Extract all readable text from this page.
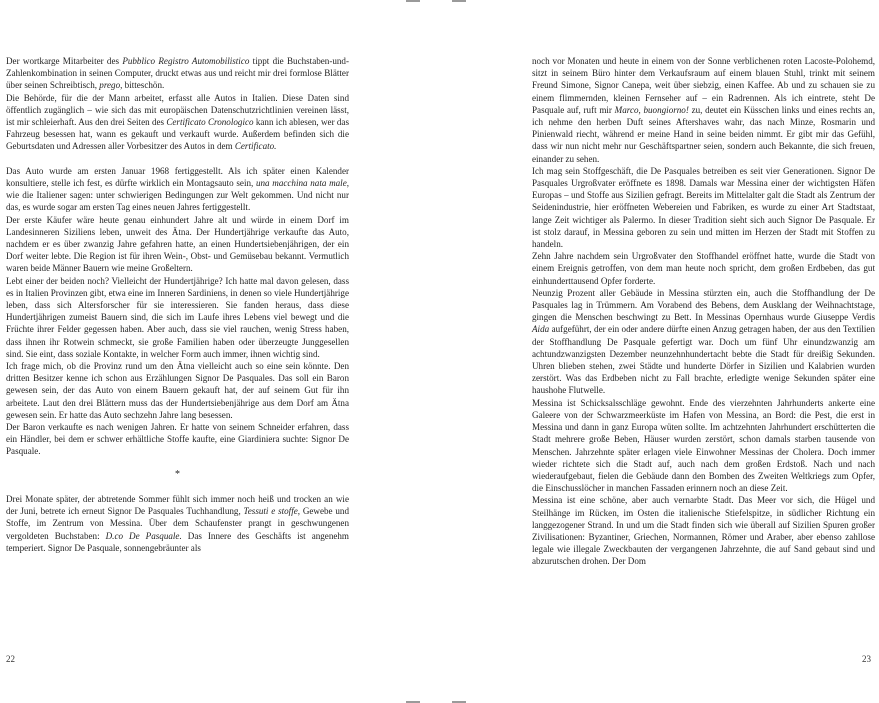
Der wortkarge Mitarbeiter des Pubblico Registro Automobilistico tippt die Buchstaben-und-Zahlenkombination in seinen Computer, druckt etwas aus und reicht mir drei formlose Blätter über seinen Schreibtisch, prego, bitteschön.

Die Behörde, für die der Mann arbeitet, erfasst alle Autos in Italien. Diese Daten sind öffentlich zugänglich – wie sich das mit europäischen Datenschutzrichtlinien vereinen lässt, ist mir schleierhaft. Aus den drei Seiten des Certificato Cronologico kann ich ablesen, wer das Fahrzeug besessen hat, wann es gekauft und verkauft wurde. Außerdem befinden sich die Geburtsdaten und Adressen aller Vorbesitzer des Autos in dem Certificato.

Das Auto wurde am ersten Januar 1968 fertiggestellt. Als ich später einen Kalender konsultiere, stelle ich fest, es dürfte wirklich ein Montagsauto sein, una macchina nata male, wie die Italiener sagen: unter schwierigen Bedingungen zur Welt gekommen. Und nicht nur das, es wurde sogar am ersten Tag eines neuen Jahres fertiggestellt.

Der erste Käufer wäre heute genau einhundert Jahre alt und würde in einem Dorf im Landesinneren Siziliens leben, unweit des Ätna. Der Hundertjährige verkaufte das Auto, nachdem er es über zwanzig Jahre gefahren hatte, an einen Hundertsiebenjährigen, der ein Dorf weiter lebte. Die Region ist für ihren Wein-, Obst- und Gemüsebau bekannt. Vermutlich waren beide Männer Bauern wie meine Großeltern.

Lebt einer der beiden noch? Vielleicht der Hundertjährige? Ich hatte mal davon gelesen, dass es in Italien Provinzen gibt, etwa eine im Inneren Sardiniens, in denen so viele Hundertjährige leben, dass sich Altersforscher für sie interessieren. Sie fanden heraus, dass diese Hundertjährigen zumeist Bauern sind, die sich im Laufe ihres Lebens viel bewegt und die Früchte ihrer Felder gegessen haben. Aber auch, dass sie viel rauchen, wenig Stress haben, dass ihnen ihr Rotwein schmeckt, sie große Familien haben oder überzeugte Junggesellen sind. Sie eint, dass soziale Kontakte, in welcher Form auch immer, ihnen wichtig sind.

Ich frage mich, ob die Provinz rund um den Ätna vielleicht auch so eine sein könnte. Den dritten Besitzer kenne ich schon aus Erzählungen Signor De Pasquales. Das soll ein Baron gewesen sein, der das Auto von einem Bauern gekauft hat, der auf seinem Gut für ihn arbeitete. Laut den drei Blättern muss das der Hundertsiebenjährige aus dem Dorf am Ätna gewesen sein. Er hatte das Auto sechzehn Jahre lang besessen.

Der Baron verkaufte es nach wenigen Jahren. Er hatte von seinem Schneider erfahren, dass ein Händler, bei dem er schwer erhältliche Stoffe kaufte, eine Giardiniera suchte: Signor De Pasquale.

*

Drei Monate später, der abtretende Sommer fühlt sich immer noch heiß und trocken an wie der Juni, betrete ich erneut Signor De Pasquales Tuchhandlung, Tessuti e stoffe, Gewebe und Stoffe, im Zentrum von Messina. Über dem Schaufenster prangt in geschwungenen vergoldeten Buchstaben: D.co De Pasquale. Das Innere des Geschäfts ist angenehm temperiert. Signor De Pasquale, sonnengebräunter als

noch vor Monaten und heute in einem von der Sonne verblichenen roten Lacoste-Polohemd, sitzt in seinem Büro hinter dem Verkaufsraum auf einem blauen Stuhl, trinkt mit seinem Freund Simone, Signor Canepa, weit über siebzig, einen Kaffee. Ab und zu schauen sie zu einem flimmernden, kleinen Fernseher auf – ein Radrennen. Als ich eintrete, steht De Pasquale auf, ruft mir Marco, buongiorno! zu, deutet ein Küsschen links und eines rechts an, ich nehme den herben Duft seines Aftershaves wahr, das nach Minze, Rosmarin und Pinienwald riecht, während er meine Hand in seine beiden nimmt. Er gibt mir das Gefühl, dass wir nun nicht mehr nur Geschäftspartner seien, sondern auch Bekannte, die sich freuen, einander zu sehen.

Ich mag sein Stoffgeschäft, die De Pasquales betreiben es seit vier Generationen. Signor De Pasquales Urgroßvater eröffnete es 1898. Damals war Messina einer der wichtigsten Häfen Europas – und Stoffe aus Sizilien gefragt. Bereits im Mittelalter galt die Stadt als Zentrum der Seidenindustrie, hier eröffneten Webereien und Fabriken, es wurde zu einer Art Stadtstaat, lange Zeit wichtiger als Palermo. In dieser Tradition sieht sich auch Signor De Pasquale. Er ist stolz darauf, in Messina geboren zu sein und mitten im Herzen der Stadt mit Stoffen zu handeln.

Zehn Jahre nachdem sein Urgroßvater den Stoffhandel eröffnet hatte, wurde die Stadt von einem Ereignis getroffen, von dem man heute noch spricht, dem großen Erdbeben, das gut einhunderttausend Opfer forderte.

Neunzig Prozent aller Gebäude in Messina stürzten ein, auch die Stoffhandlung der De Pasquales lag in Trümmern. Am Vorabend des Bebens, dem Ausklang der Weihnachtstage, gingen die Menschen beschwingt zu Bett. In Messinas Opernhaus wurde Giuseppe Verdis Aida aufgeführt, der ein oder andere dürfte einen Anzug getragen haben, der aus den Textilien der Stoffhandlung De Pasquale gefertigt war. Doch um fünf Uhr einundzwanzig am achtundzwanzigsten Dezember neunzehnhundertacht bebte die Stadt für dreißig Sekunden. Uhren blieben stehen, zwei Städte und hunderte Dörfer in Sizilien und Kalabrien wurden zerstört. Was das Erdbeben nicht zu Fall brachte, erledigte wenige Sekunden später eine haushohe Flutwelle.

Messina ist Schicksalsschläge gewohnt. Ende des vierzehnten Jahrhunderts ankerte eine Galeere von der Schwarzmeerküste im Hafen von Messina, an Bord: die Pest, die erst in Messina und dann in ganz Europa wüten sollte. Im achtzehnten Jahrhundert erschütterten die Stadt mehrere große Beben, Häuser wurden zerstört, schon damals starben tausende von Menschen. Jahrzehnte später erlagen viele Einwohner Messinas der Cholera. Doch immer wieder richtete sich die Stadt auf, auch nach dem großen Erdstoß. Nach und nach wiederaufgebaut, fielen die Gebäude dann den Bomben des Zweiten Weltkriegs zum Opfer, die Einschusslöcher in manchen Fassaden erinnern noch an diese Zeit.

Messina ist eine schöne, aber auch vernarbte Stadt. Das Meer vor sich, die Hügel und Steilhänge im Rücken, im Osten die italienische Stiefelspitze, in südlicher Richtung ein langgezogener Strand. In und um die Stadt finden sich wie überall auf Sizilien Spuren großer Zivilisationen: Byzantiner, Griechen, Normannen, Römer und Araber, aber ebenso zahllose legale wie illegale Zweckbauten der vergangenen Jahrzehnte, die auf Sand gebaut sind und abzurutschen drohen. Der Dom

22	23
